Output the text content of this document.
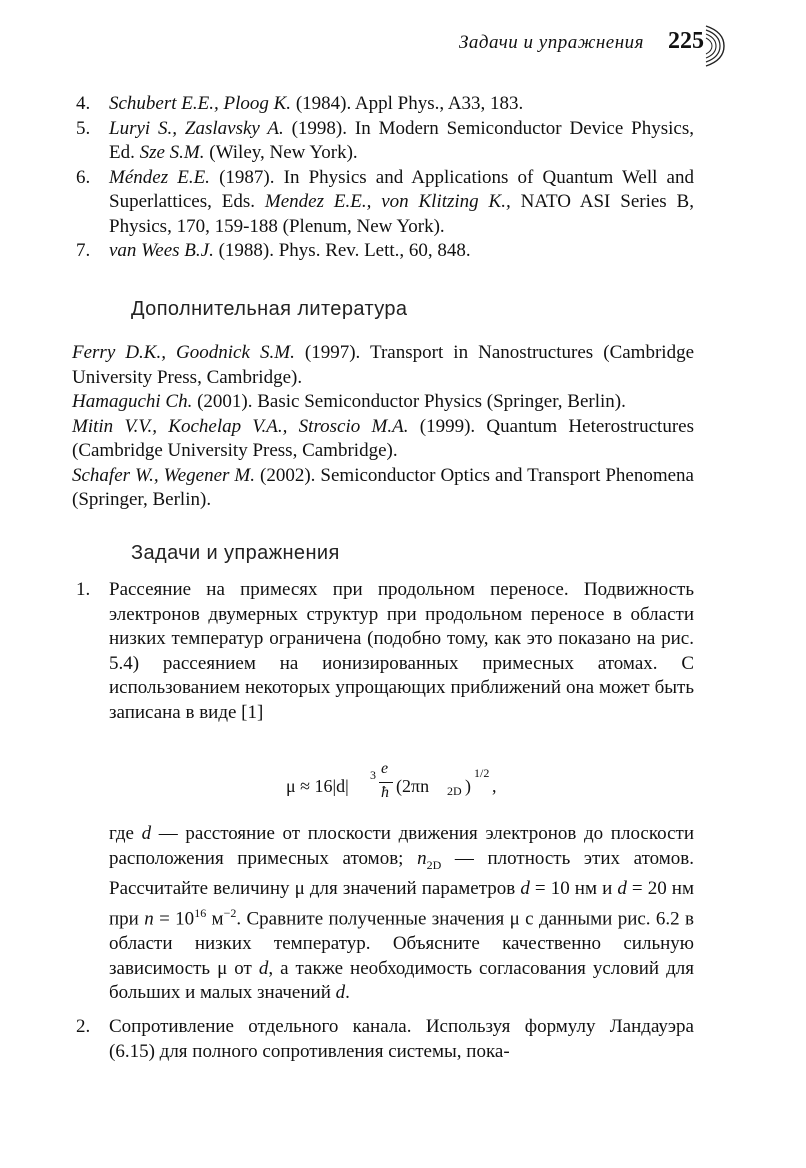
Задачи и упражнения 225
4. Schubert E.E., Ploog K. (1984). Appl Phys., A33, 183.
5. Luryi S., Zaslavsky A. (1998). In Modern Semiconductor Device Physics, Ed. Sze S.M. (Wiley, New York).
6. Méndez E.E. (1987). In Physics and Applications of Quantum Well and Superlattices, Eds. Mendez E.E., von Klitzing K., NATO ASI Series B, Physics, 170, 159-188 (Plenum, New York).
7. van Wees B.J. (1988). Phys. Rev. Lett., 60, 848.
Дополнительная литература
Ferry D.K., Goodnick S.M. (1997). Transport in Nanostructures (Cambridge University Press, Cambridge).
Hamaguchi Ch. (2001). Basic Semiconductor Physics (Springer, Berlin).
Mitin V.V., Kochelap V.A., Stroscio M.A. (1999). Quantum Heterostructures (Cambridge University Press, Cambridge).
Schafer W., Wegener M. (2002). Semiconductor Optics and Transport Phenomena (Springer, Berlin).
Задачи и упражнения
1. Рассеяние на примесях при продольном переносе. Подвижность электронов двумерных структур при продольном переносе в области низких температур ограничена (подобно тому, как это показано на рис. 5.4) рассеянием на ионизированных примесных атомах. С использованием некоторых упрощающих приближений она может быть записана в виде [1]
μ ≈ 16|d|
3 e
ħ (2πn 2D )
1/2
,
где d — расстояние от плоскости движения электронов до плоскости расположения примесных атомов; $n_{2D}$ — плотность этих атомов. Рассчитайте величину μ для значений параметров d = 10 нм и d = 20 нм при $n = 10^{16}$ $м^{-2}$. Сравните полученные значения μ с данными рис. 6.2 в области низких температур. Объясните качественно сильную зависимость μ от d, а также необходимость согласования условий для больших и малых значений d.
2. Сопротивление отдельного канала. Используя формулу Ландауэра (6.15) для полного сопротивления системы, пока-
